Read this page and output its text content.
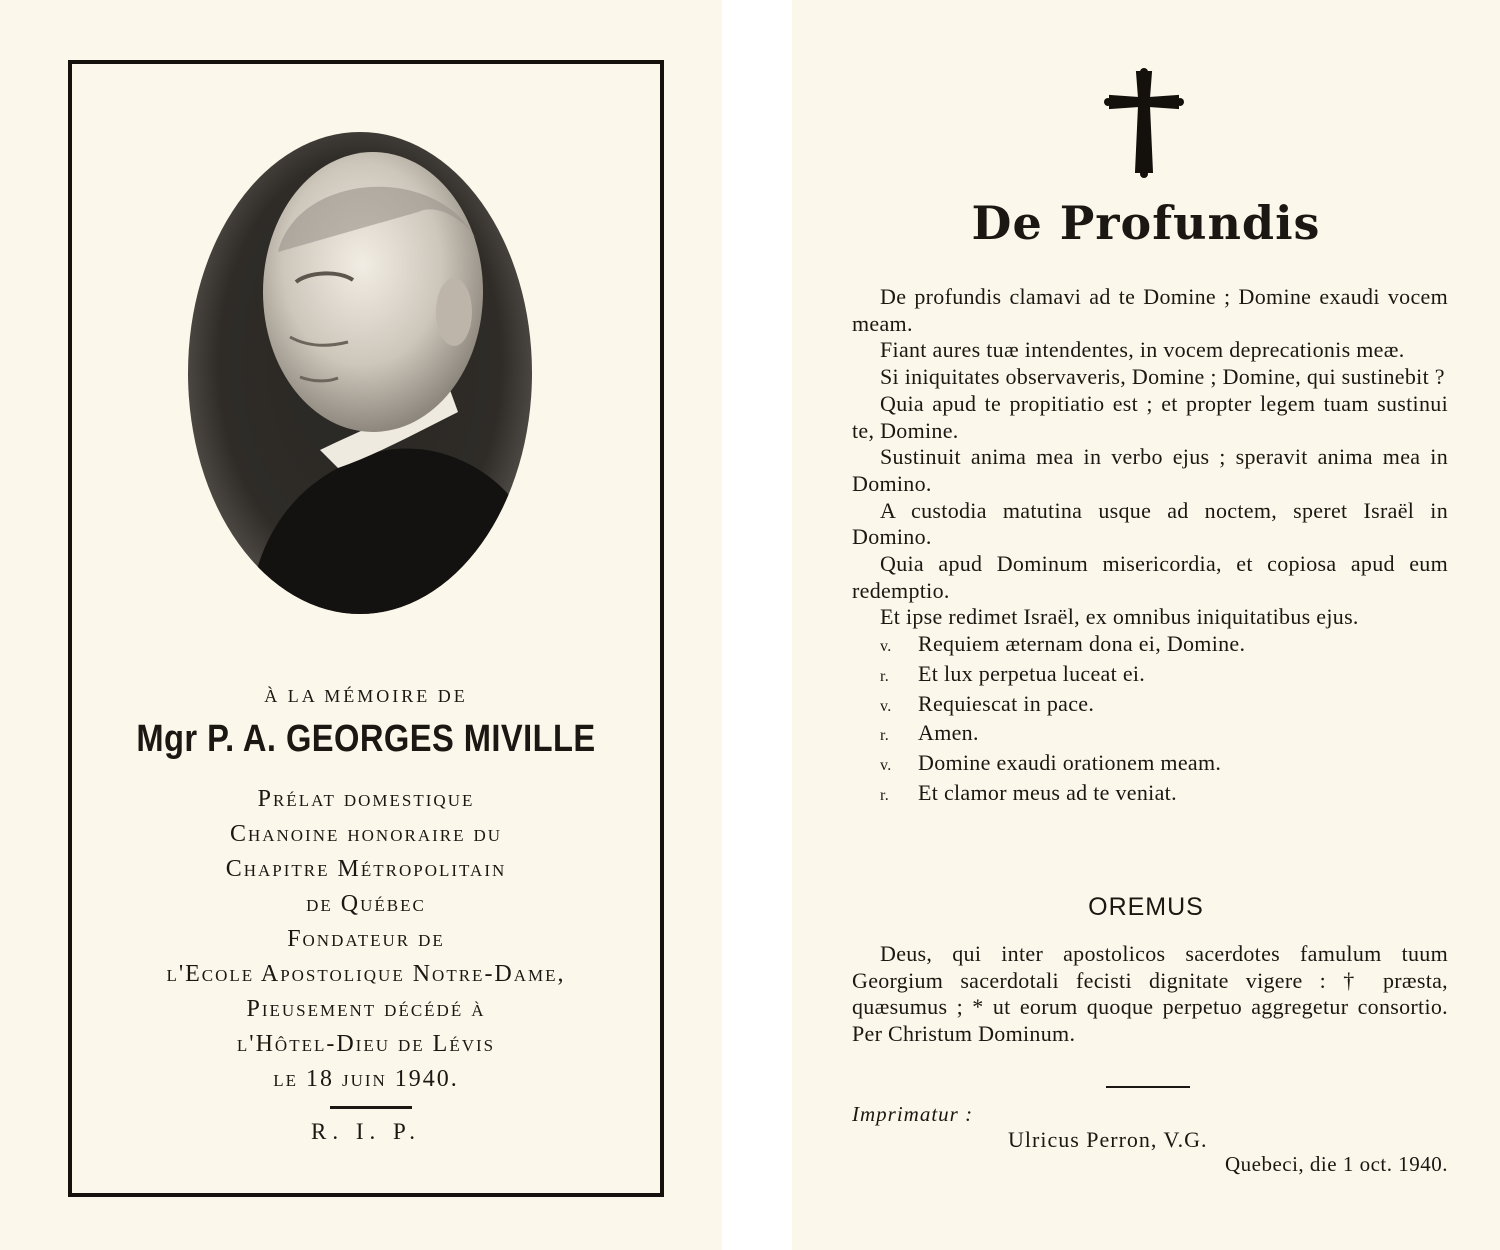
À LA MÉMOIRE DE
Mgr P. A. GEORGES MIVILLE
Prélat domestique
Chanoine honoraire du
Chapitre Métropolitain
de Québec
Fondateur de
l'Ecole Apostolique Notre-Dame,
Pieusement décédé à
l'Hôtel-Dieu de Lévis
le 18 juin 1940.
R. I. P.
De Profundis

De profundis clamavi ad te Domine ; Domine exaudi vocem meam.

Fiant aures tuæ intendentes, in vocem deprecationis meæ.

Si iniquitates observaveris, Domine ; Domine, qui sustinebit ?

Quia apud te propitiatio est ; et propter legem tuam sustinui te, Domine.

Sustinuit anima mea in verbo ejus ; speravit anima mea in Domino.

A custodia matutina usque ad noctem, speret Israël in Domino.

Quia apud Dominum misericordia, et copiosa apud eum redemptio.

Et ipse redimet Israël, ex omnibus iniquitatibus ejus.

v. Requiem æternam dona ei, Domine.
r. Et lux perpetua luceat ei.
v. Requiescat in pace.
r. Amen.
v. Domine exaudi orationem meam.
r. Et clamor meus ad te veniat.
OREMUS
Deus, qui inter apostolicos sacerdotes famulum tuum Georgium sacerdotali fecisti dignitate vigere : † præsta, quæsumus ; * ut eorum quoque perpetuo aggregetur consortio. Per Christum Dominum.
Imprimatur :
Ulricus Perron, V.G.
Quebeci, die 1 oct. 1940.
